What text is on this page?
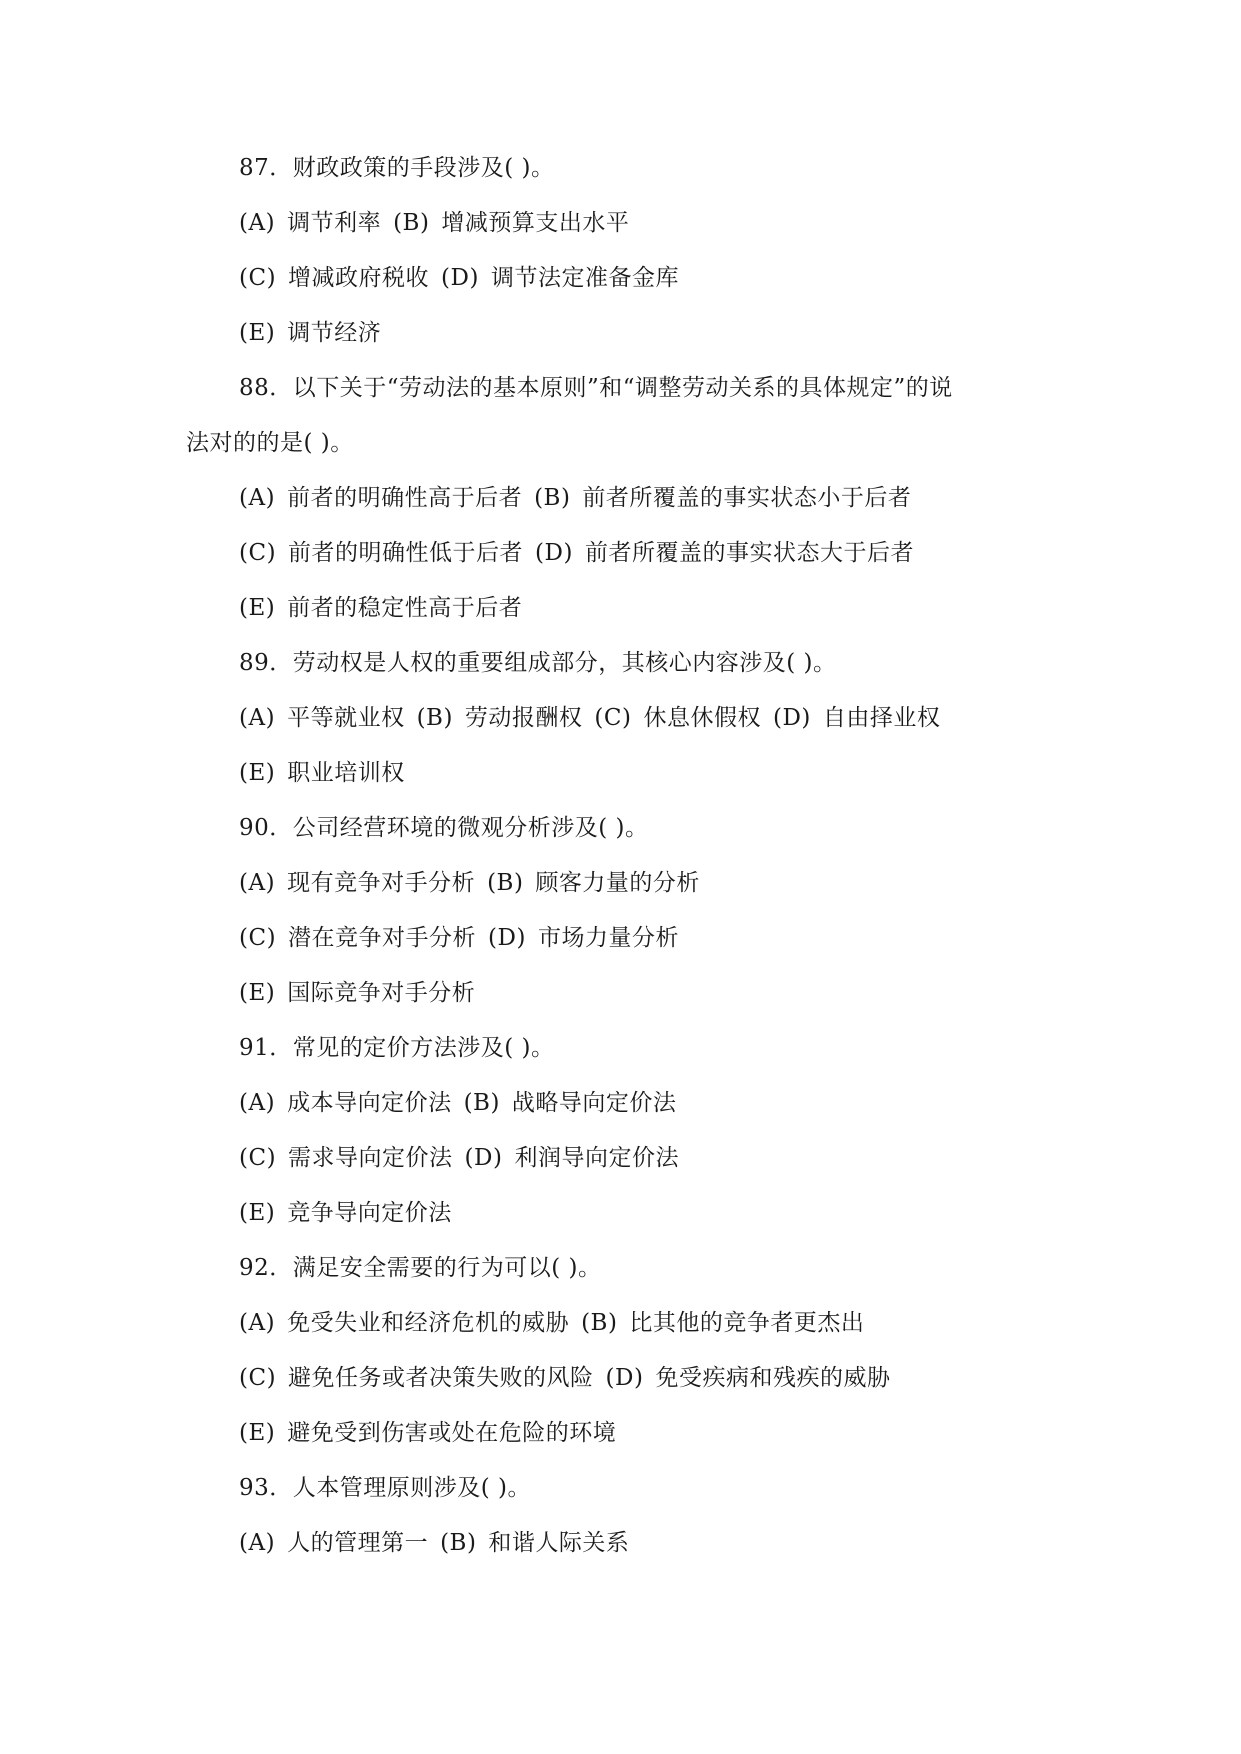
87．财政政策的手段涉及( )。
(A) 调节利率 (B) 增减预算支出水平
(C) 增减政府税收 (D) 调节法定准备金库
(E) 调节经济
88．以下关于“劳动法的基本原则”和“调整劳动关系的具体规定”的说
法对的的是( )。
(A) 前者的明确性高于后者 (B) 前者所覆盖的事实状态小于后者
(C) 前者的明确性低于后者 (D) 前者所覆盖的事实状态大于后者
(E) 前者的稳定性高于后者
89．劳动权是人权的重要组成部分，其核心内容涉及( )。
(A) 平等就业权 (B) 劳动报酬权 (C) 休息休假权 (D) 自由择业权
(E) 职业培训权
90．公司经营环境的微观分析涉及( )。
(A) 现有竞争对手分析 (B) 顾客力量的分析
(C) 潜在竞争对手分析 (D) 市场力量分析
(E) 国际竞争对手分析
91．常见的定价方法涉及( )。
(A) 成本导向定价法 (B) 战略导向定价法
(C) 需求导向定价法 (D) 利润导向定价法
(E) 竞争导向定价法
92．满足安全需要的行为可以( )。
(A) 免受失业和经济危机的威胁 (B) 比其他的竞争者更杰出
(C) 避免任务或者决策失败的风险 (D) 免受疾病和残疾的威胁
(E) 避免受到伤害或处在危险的环境
93．人本管理原则涉及( )。
(A) 人的管理第一 (B) 和谐人际关系
